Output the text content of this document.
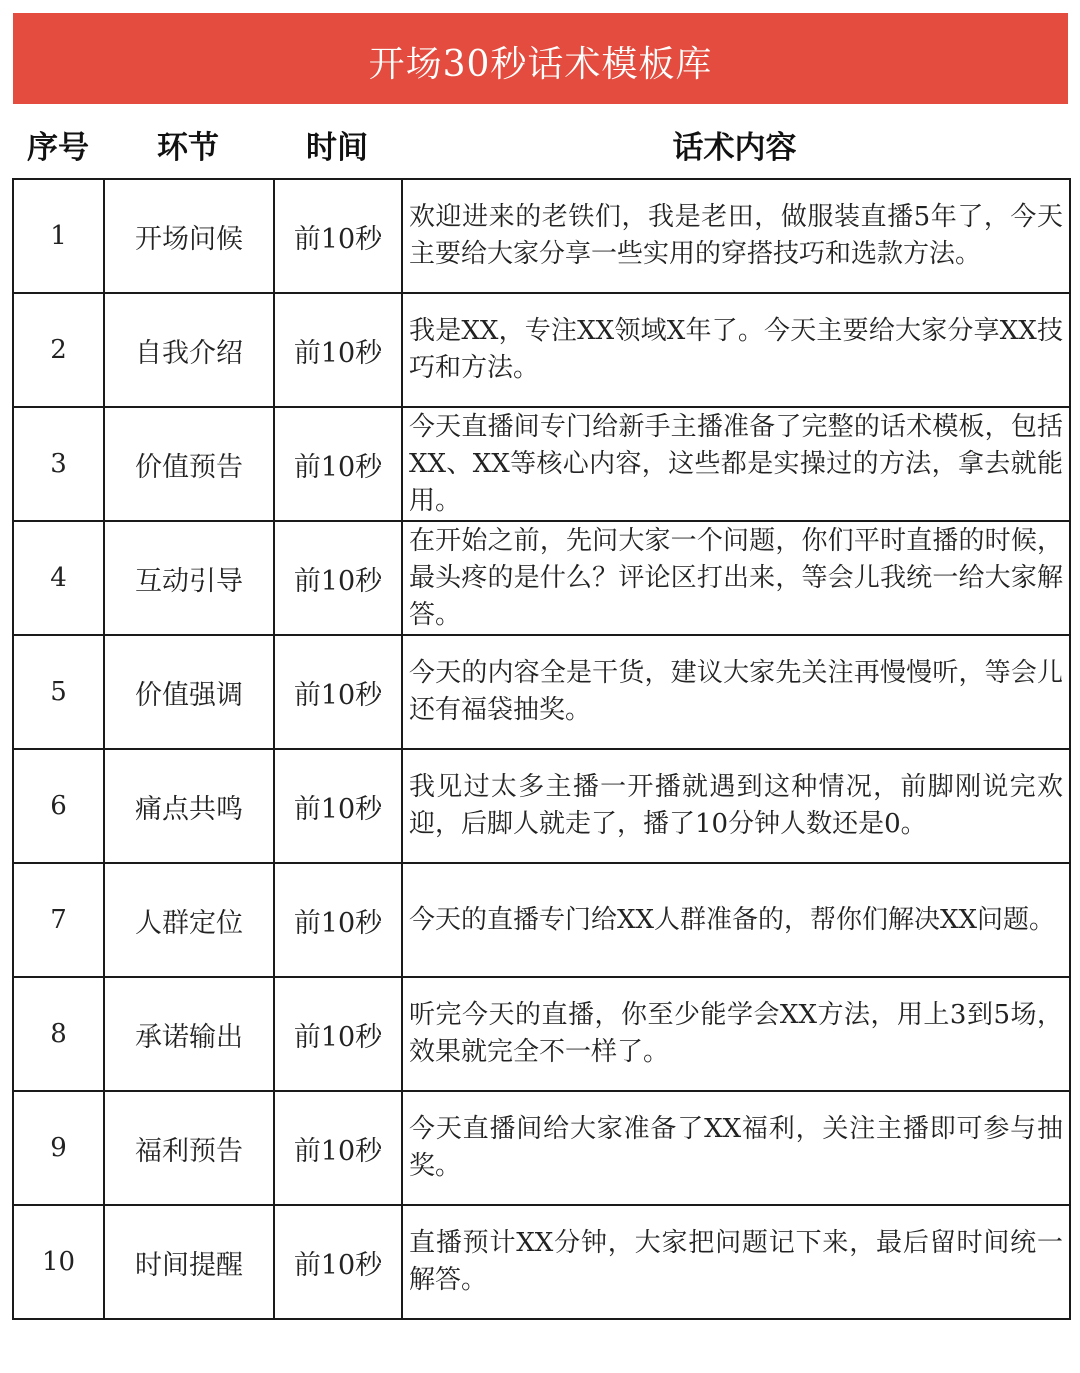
开场30秒话术模板库
序号	环节	时间	话术内容
1	开场问候	前10秒	欢迎进来的老铁们，我是老田，做服装直播5年了，今天主要给大家分享一些实用的穿搭技巧和选款方法。
2	自我介绍	前10秒	我是XX，专注XX领域X年了。今天主要给大家分享XX技巧和方法。
3	价值预告	前10秒	今天直播间专门给新手主播准备了完整的话术模板，包括XX、XX等核心内容，这些都是实操过的方法，拿去就能用。
4	互动引导	前10秒	在开始之前，先问大家一个问题，你们平时直播的时候，最头疼的是什么？评论区打出来，等会儿我统一给大家解答。
5	价值强调	前10秒	今天的内容全是干货，建议大家先关注再慢慢听，等会儿还有福袋抽奖。
6	痛点共鸣	前10秒	我见过太多主播一开播就遇到这种情况，前脚刚说完欢迎，后脚人就走了，播了10分钟人数还是0。
7	人群定位	前10秒	今天的直播专门给XX人群准备的，帮你们解决XX问题。
8	承诺输出	前10秒	听完今天的直播，你至少能学会XX方法，用上3到5场，效果就完全不一样了。
9	福利预告	前10秒	今天直播间给大家准备了XX福利，关注主播即可参与抽奖。
10	时间提醒	前10秒	直播预计XX分钟，大家把问题记下来，最后留时间统一解答。
